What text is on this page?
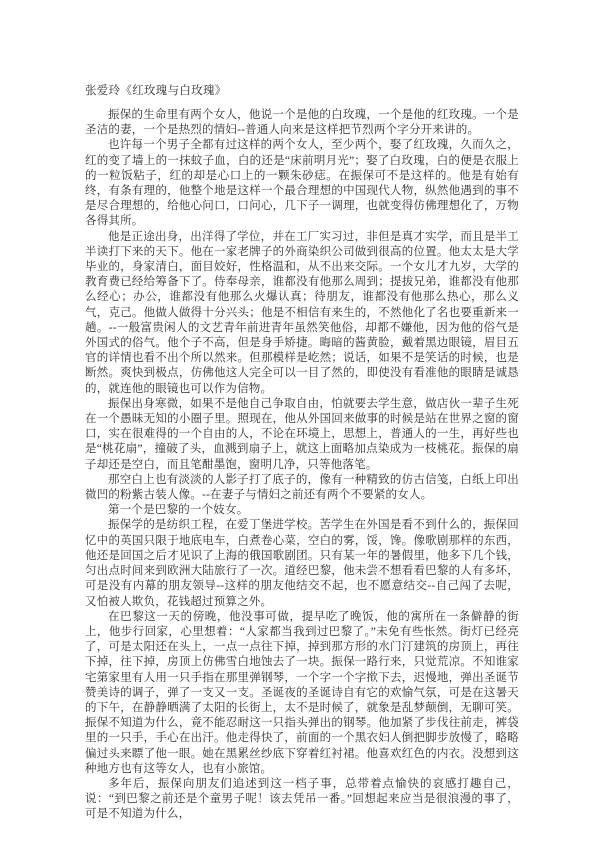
张爱玲《红玫瑰与白玫瑰》

振保的生命里有两个女人，他说一个是他的白玫瑰，一个是他的红玫瑰。一个是圣洁的妻，一个是热烈的情妇--普通人向来是这样把节烈两个字分开来讲的。

也许每一个男子全都有过这样的两个女人，至少两个，娶了红玫瑰，久而久之，红的变了墙上的一抹蚊子血，白的还是“床前明月光”；娶了白玫瑰，白的便是衣服上的一粒饭粘子，红的却是心口上的一颗朱砂痣。在振保可不是这样的。他是有始有终，有条有理的，他整个地是这样一个最合理想的中国现代人物，纵然他遇到的事不是尽合理想的，给他心问口，口问心，几下子一调理，也就变得仿佛理想化了，万物各得其所。

他是正途出身，出洋得了学位，并在工厂实习过，非但是真才实学，而且是半工半读打下来的天下。他在一家老牌子的外商染织公司做到很高的位置。他太太是大学毕业的，身家清白，面目姣好，性格温和，从不出来交际。一个女儿才九岁，大学的教育费已经给筹备下了。侍奉母亲，谁都没有他那么周到；提拔兄弟，谁都没有他那么经心；办公，谁都没有他那么火爆认真；待朋友，谁都没有他那么热心，那么义气，克己。他做人做得十分兴头；他是不相信有来生的，不然他化了名也要重新来一趟。--一般富贵闲人的文艺青年前进青年虽然笑他俗，却都不嫌他，因为他的俗气是外国式的俗气。他个子不高，但是身手矫捷。晦暗的酱黄脸，戴着黑边眼镜，眉目五官的详情也看不出个所以然来。但那模样是屹然；说话，如果不是笑话的时候，也是断然。爽快到极点，仿佛他这人完全可以一目了然的，即使没有看准他的眼睛是诚恳的，就连他的眼镜也可以作为信物。

振保出身寒微，如果不是他自己争取自由，怕就要去学生意，做店伙一辈子生死在一个愚昧无知的小圈子里。照现在，他从外国回来做事的时候是站在世界之窗的窗口，实在很难得的一个自由的人，不论在环境上，思想上，普通人的一生，再好些也是“桃花扇”，撞破了头，血溅到扇子上，就这上面略加点染成为一枝桃花。振保的扇子却还是空白，而且笔酣墨饱，窗明几净，只等他落笔。

那空白上也有淡淡的人影子打了底子的，像有一种精致的仿古信笺，白纸上印出微凹的粉紫古装人像。--在妻子与情妇之前还有两个不要紧的女人。

第一个是巴黎的一个妓女。

振保学的是纺织工程，在爱丁堡进学校。苦学生在外国是看不到什么的，振保回忆中的英国只限于地底电车，白煮卷心菜，空白的雾，馁，馋。像歌剧那样的东西，他还是回国之后才见识了上海的俄国歌剧团。只有某一年的暑假里，他多下几个钱，匀出点时间来到欧洲大陆旅行了一次。道经巴黎，他未尝不想看看巴黎的人有多坏，可是没有内幕的朋友领导--这样的朋友他结交不起，也不愿意结交--自己闯了去呢，又怕被人欺负，花钱超过预算之外。

在巴黎这一天的傍晚，他没事可做，提早吃了晚饭，他的寓所在一条僻静的街上，他步行回家，心里想着：“人家都当我到过巴黎了。”未免有些怅然。街灯已经亮了，可是太阳还在头上，一点一点往下掉，掉到那方形的水门汀建筑的房顶上，再往下掉，往下掉，房顶上仿佛雪白地蚀去了一块。振保一路行来，只觉荒凉。不知谁家宅第家里有人用一只手指在那里弹钢琴，一个字一个字揿下去，迟慢地，弹出圣诞节赞美诗的调子，弹了一支又一支。圣诞夜的圣诞诗自有它的欢愉气氛，可是在这暑天的下午，在静静晒满了太阳的长街上，太不是时候了，就象是乱梦颠倒，无聊可笑。振保不知道为什么，竟不能忍耐这一只指头弹出的钢琴。他加紧了步伐往前走，裤袋里的一只手，手心在出汗。他走得快了，前面的一个黑衣妇人倒把脚步放慢了，略略偏过头来瞟了他一眼。她在黑累丝纱底下穿着红衬裙。他喜欢红色的内衣。没想到这种地方也有这等女人，也有小旅馆。

多年后，振保向朋友们追述到这一档子事，总带着点愉快的哀感打趣自己，说：“到巴黎之前还是个童男子呢！该去凭吊一番。”回想起来应当是很浪漫的事了，可是不知道为什么，
